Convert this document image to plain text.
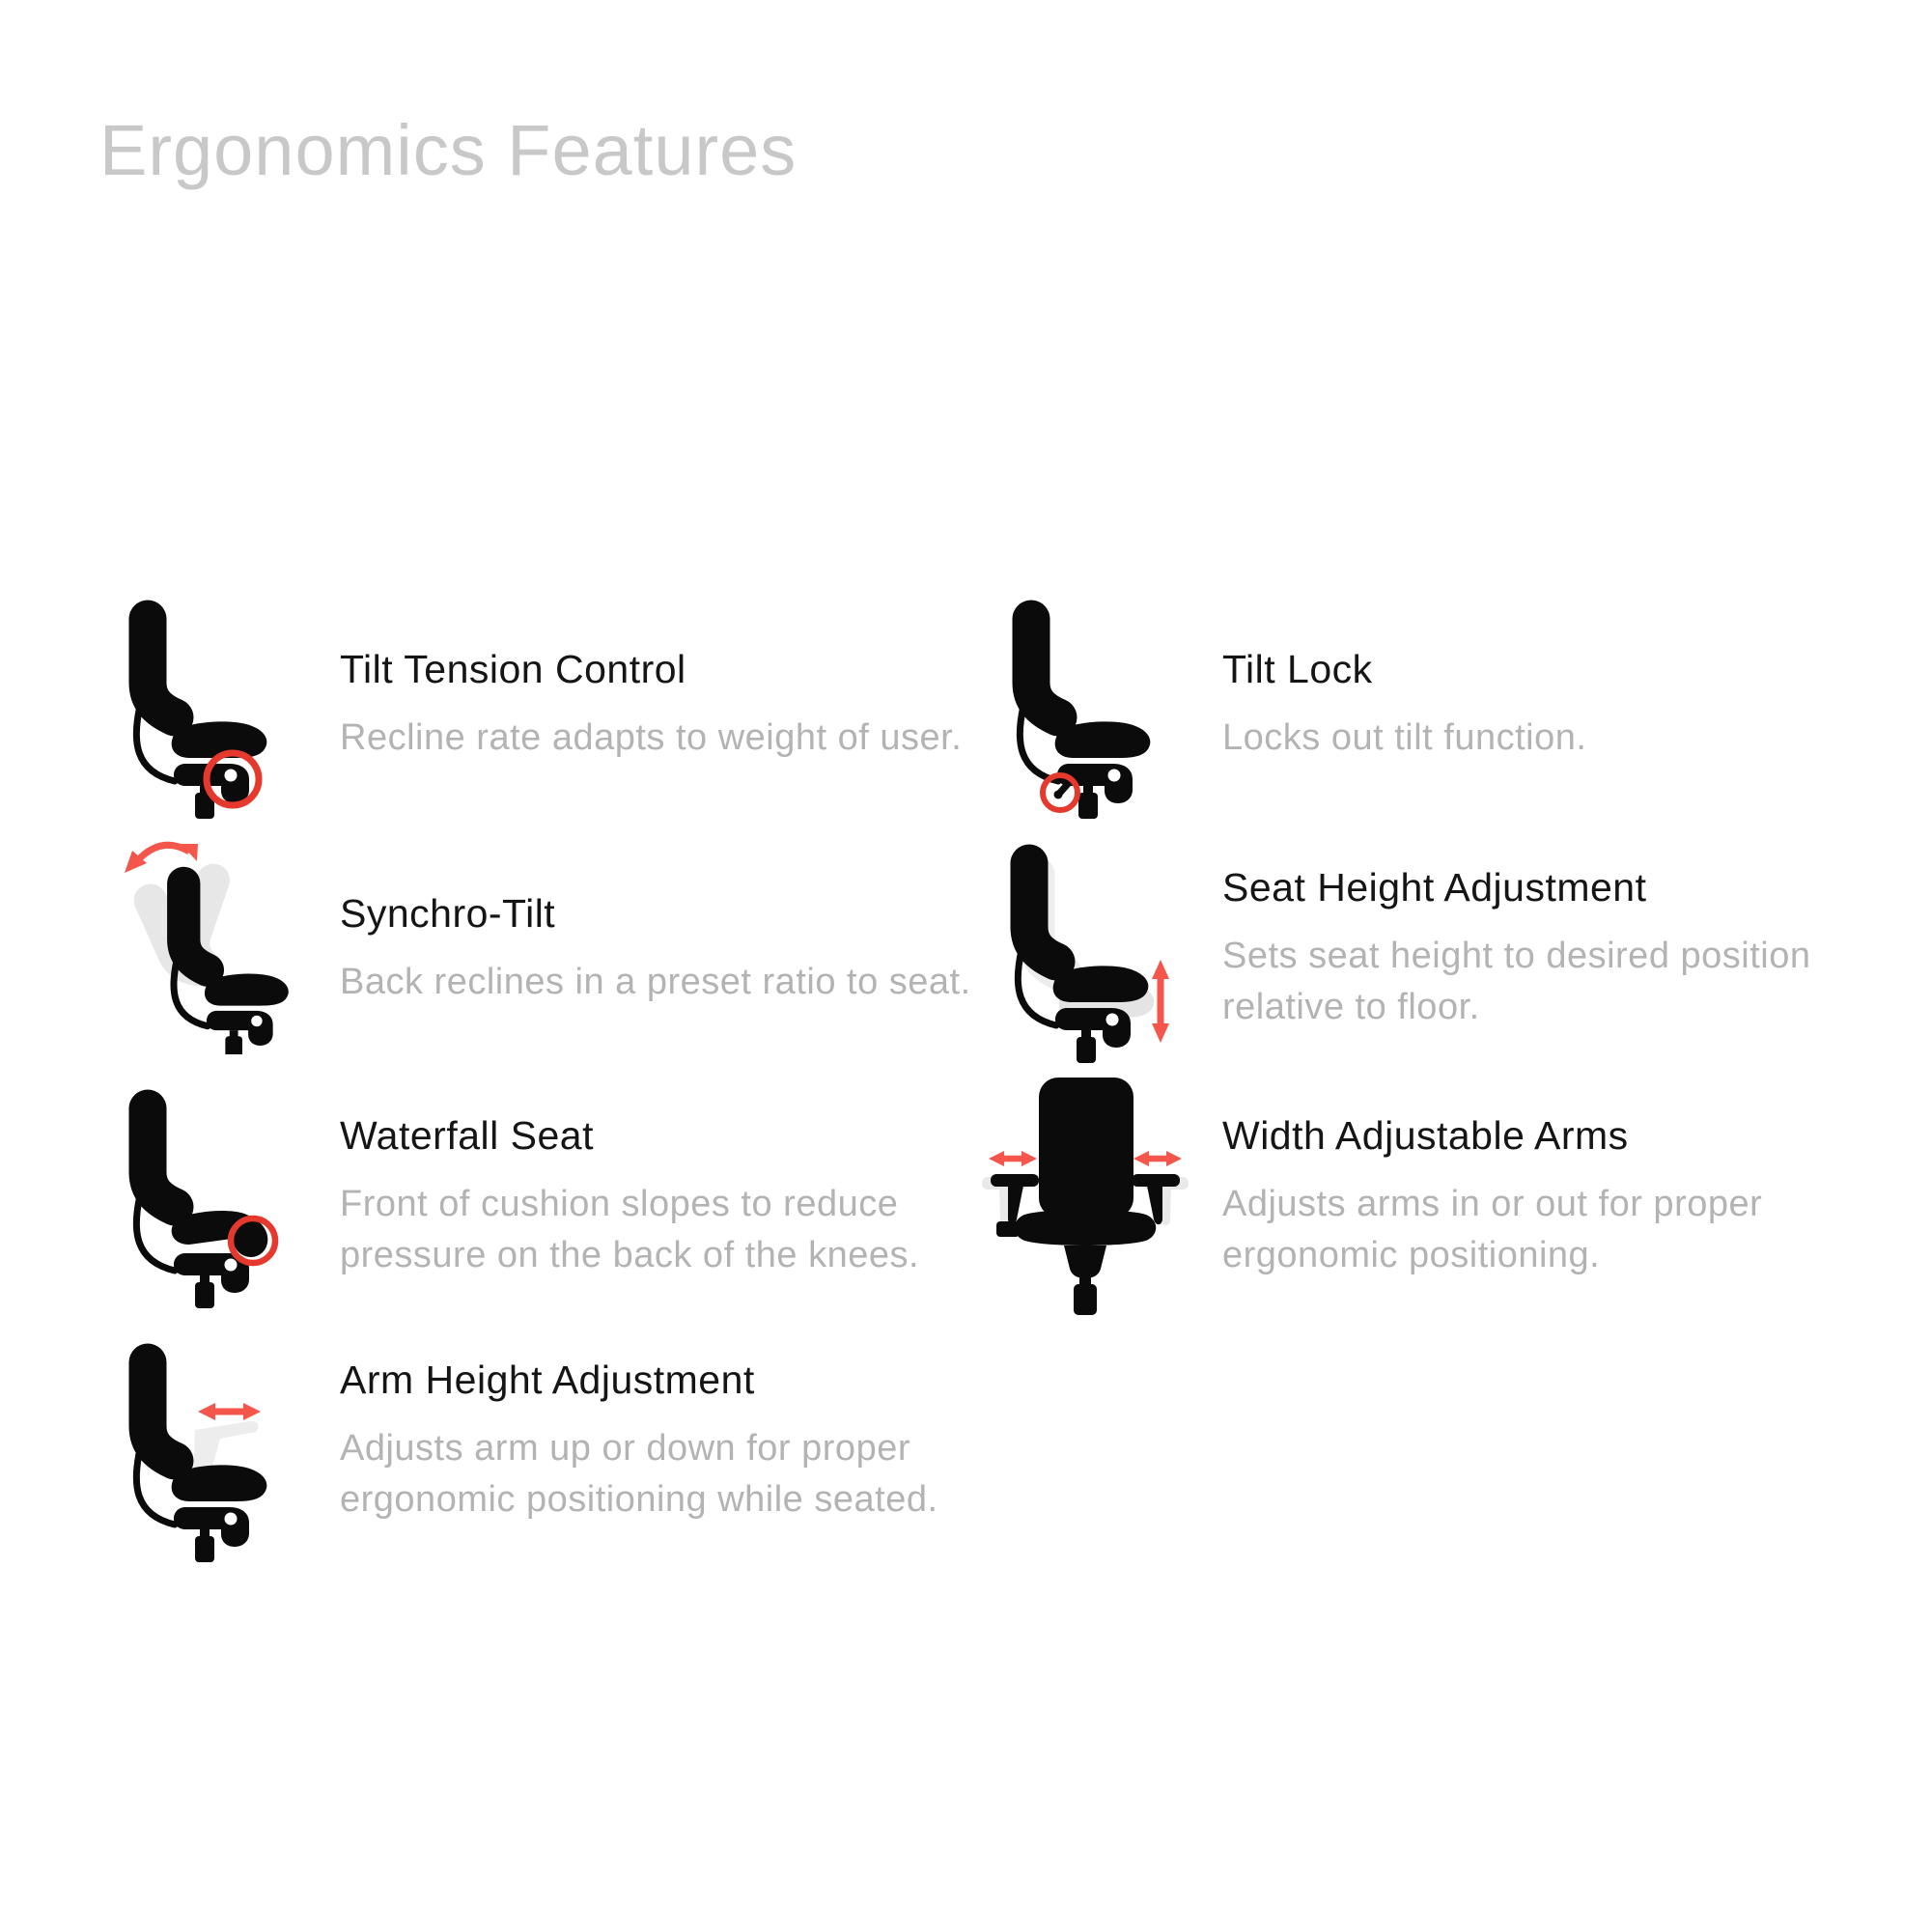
Ergonomics Features
Tilt Tension Control

Recline rate adapts to weight of user.

Synchro-Tilt

Back reclines in a preset ratio to seat.

Waterfall Seat

Front of cushion slopes to reduce pressure on the back of the knees.

Arm Height Adjustment

Adjusts arm up or down for proper ergonomic positioning while seated.

Tilt Lock

Locks out tilt function.

Seat Height Adjustment

Sets seat height to desired position relative to floor.

Width Adjustable Arms

Adjusts arms in or out for proper ergonomic positioning.
